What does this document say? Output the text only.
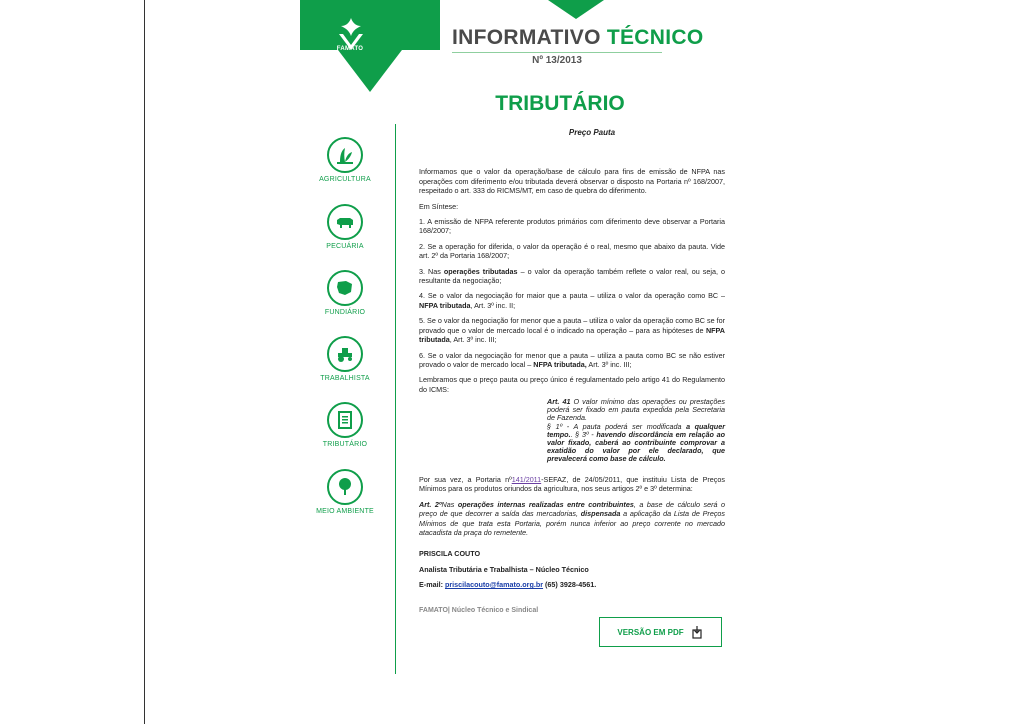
FAMATO	INFORMATIVO TÉCNICO
Nº 13/2013
TRIBUTÁRIO
AGRICULTURA
PECUÁRIA
FUNDIÁRIO
TRABALHISTA
TRIBUTÁRIO
MEIO AMBIENTE
Preço Pauta

Informamos que o valor da operação/base de cálculo para fins de emissão de NFPA nas operações com diferimento e/ou tributada deverá observar o disposto na Portaria nº 168/2007, respeitado o art. 333 do RICMS/MT, em caso de quebra do diferimento.

Em Síntese:

1. A emissão de NFPA referente produtos primários com diferimento deve observar a Portaria 168/2007;

2. Se a operação for diferida, o valor da operação é o real, mesmo que abaixo da pauta. Vide art. 2º da Portaria 168/2007;

3. Nas operações tributadas – o valor da operação também reflete o valor real, ou seja, o resultante da negociação;

4. Se o valor da negociação for maior que a pauta – utiliza o valor da operação como BC – NFPA tributada, Art. 3º inc. II;

5. Se o valor da negociação for menor que a pauta – utiliza o valor da operação como BC se for provado que o valor de mercado local é o indicado na operação – para as hipóteses de NFPA tributada, Art. 3º inc. III;

6. Se o valor da negociação for menor que a pauta – utiliza a pauta como BC se não estiver provado o valor de mercado local – NFPA tributada, Art. 3º inc. III;

Lembramos que o preço pauta ou preço único é regulamentado pelo artigo 41 do Regulamento do ICMS:

Art. 41 O valor mínimo das operações ou prestações poderá ser fixado em pauta expedida pela Secretaria de Fazenda.
§ 1º - A pauta poderá ser modificada a qualquer tempo.. § 3º - havendo discordância em relação ao valor fixado, caberá ao contribuinte comprovar a exatidão do valor por ele declarado, que prevalecerá como base de cálculo.

Por sua vez, a Portaria nº141/2011-SEFAZ, de 24/05/2011, que instituiu Lista de Preços Mínimos para os produtos oriundos da agricultura, nos seus artigos 2º e 3º determina:

Art. 2ºNas operações internas realizadas entre contribuintes, a base de cálculo será o preço de que decorrer a saída das mercadorias, dispensada a aplicação da Lista de Preços Mínimos de que trata esta Portaria, porém nunca inferior ao preço corrente no mercado atacadista da praça do remetente.

PRISCILA COUTO

Analista Tributária e Trabalhista – Núcleo Técnico

E-mail: priscilacouto@famato.org.br (65) 3928-4561.

FAMATO| Núcleo Técnico e Sindical
VERSÃO EM PDF
